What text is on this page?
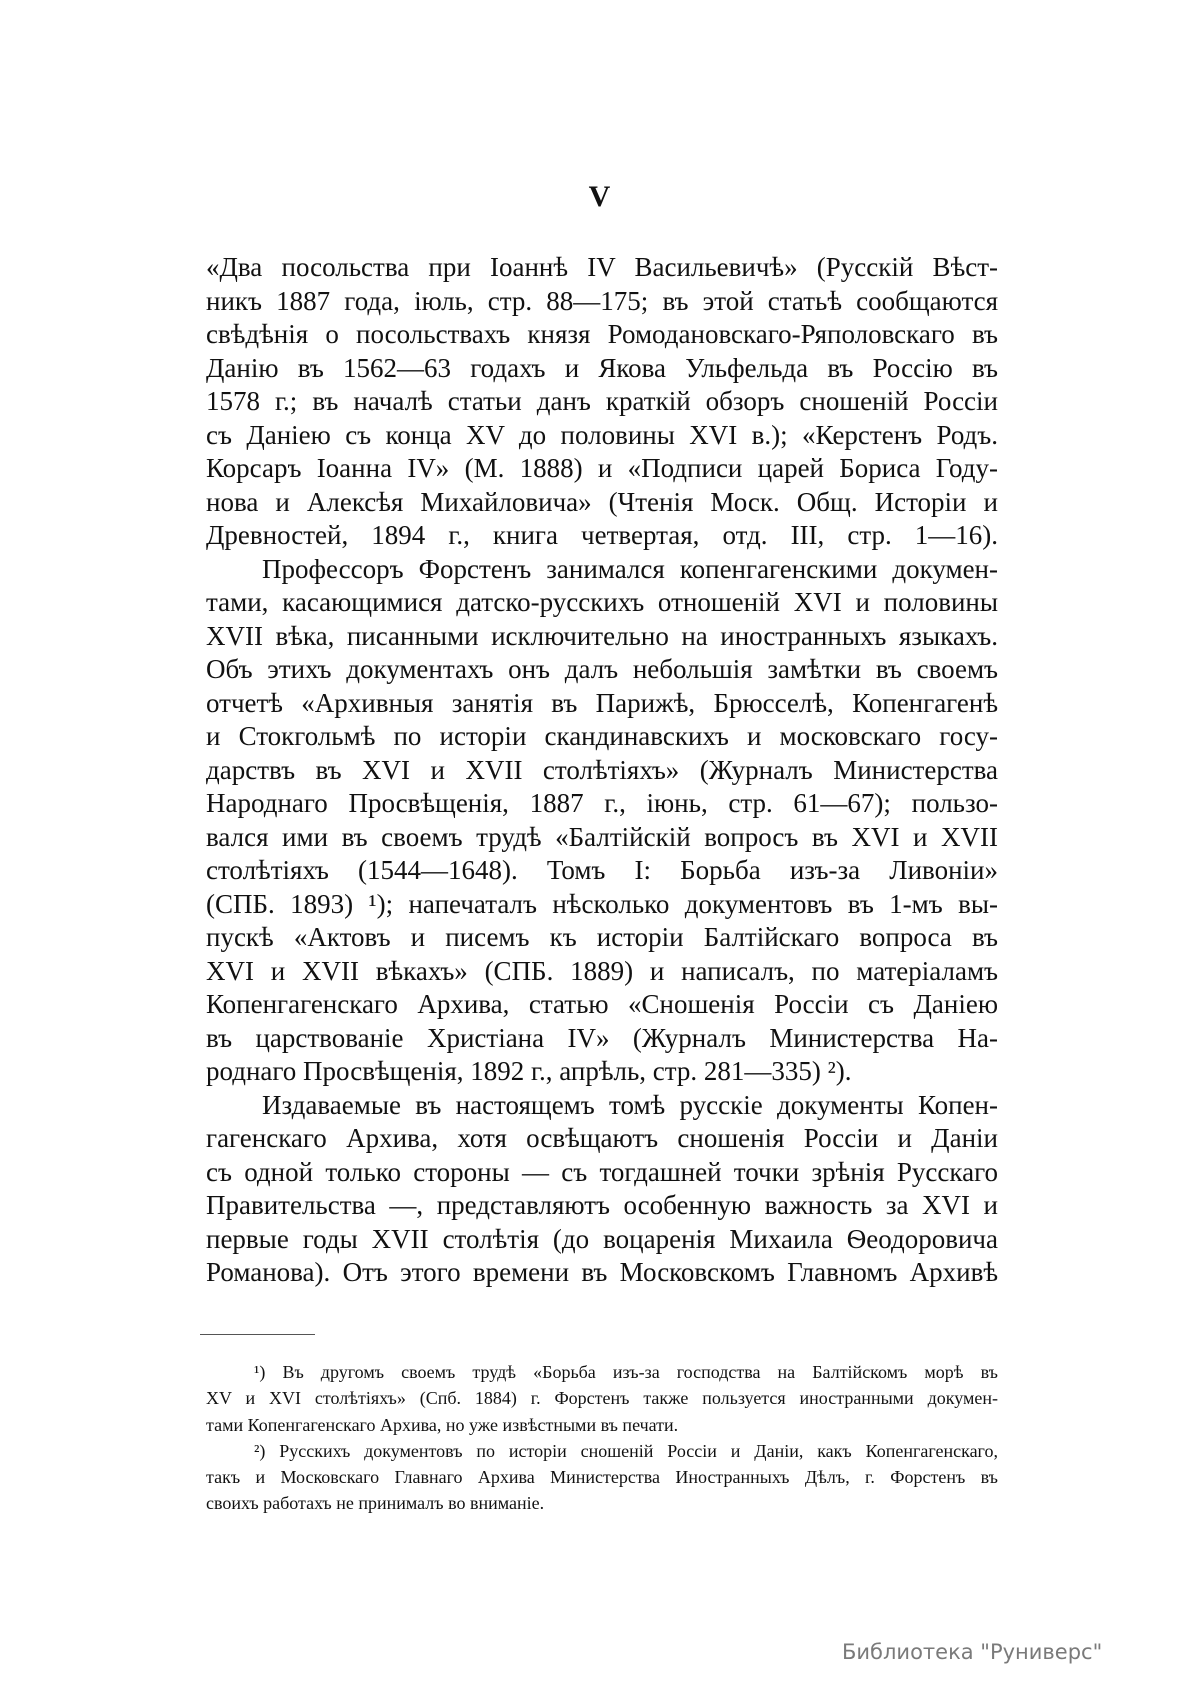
V
«Два посольства при Іоаннѣ IV Васильевичѣ» (Русскій Вѣст-
никъ 1887 года, іюль, стр. 88—175; въ этой статьѣ сообщаются
свѣдѣнія о посольствахъ князя Ромодановскаго-Ряполовскаго въ
Данію въ 1562—63 годахъ и Якова Ульфельда въ Россію въ
1578 г.; въ началѣ статьи данъ краткій обзоръ сношеній Россіи
съ Даніею съ конца XV до половины XVI в.); «Керстенъ Родъ.
Корсаръ Іоанна IV» (М. 1888) и «Подписи царей Бориса Году-
нова и Алексѣя Михайловича» (Чтенія Моск. Общ. Исторіи и
Древностей, 1894 г., книга четвертая, отд. III, стр. 1—16).
Профессоръ Форстенъ занимался копенгагенскими докумен-
тами, касающимися датско-русскихъ отношеній XVI и половины
XVII вѣка, писанными исключительно на иностранныхъ языкахъ.
Объ этихъ документахъ онъ далъ небольшія замѣтки въ своемъ
отчетѣ «Архивныя занятія въ Парижѣ, Брюсселѣ, Копенгагенѣ
и Стокгольмѣ по исторіи скандинавскихъ и московскаго госу-
дарствъ въ XVI и XVII столѣтіяхъ» (Журналъ Министерства
Народнаго Просвѣщенія, 1887 г., іюнь, стр. 61—67); пользо-
вался ими въ своемъ трудѣ «Балтійскій вопросъ въ XVI и XVII
столѣтіяхъ (1544—1648). Томъ I: Борьба изъ-за Ливоніи»
(СПБ. 1893) ¹); напечаталъ нѣсколько документовъ въ 1-мъ вы-
пускѣ «Актовъ и писемъ къ исторіи Балтійскаго вопроса въ
XVI и XVII вѣкахъ» (СПБ. 1889) и написалъ, по матеріаламъ
Копенгагенскаго Архива, статью «Сношенія Россіи съ Даніею
въ царствованіе Христіана IV» (Журналъ Министерства На-
роднаго Просвѣщенія, 1892 г., апрѣль, стр. 281—335) ²).
Издаваемые въ настоящемъ томѣ русскіе документы Копен-
гагенскаго Архива, хотя освѣщаютъ сношенія Россіи и Даніи
съ одной только стороны — съ тогдашней точки зрѣнія Русскаго
Правительства —, представляютъ особенную важность за XVI и
первые годы XVII столѣтія (до воцаренія Михаила Ѳеодоровича
Романова). Отъ этого времени въ Московскомъ Главномъ Архивѣ
¹) Въ другомъ своемъ трудѣ «Борьба изъ-за господства на Балтійскомъ морѣ въ
XV и XVI столѣтіяхъ» (Спб. 1884) г. Форстенъ также пользуется иностранными докумен-
тами Копенгагенскаго Архива, но уже извѣстными въ печати.
²) Русскихъ документовъ по исторіи сношеній Россіи и Даніи, какъ Копенгагенскаго,
такъ и Московскаго Главнаго Архива Министерства Иностранныхъ Дѣлъ, г. Форстенъ въ
своихъ работахъ не принималъ во вниманіе.
Библиотека "Руниверс"
